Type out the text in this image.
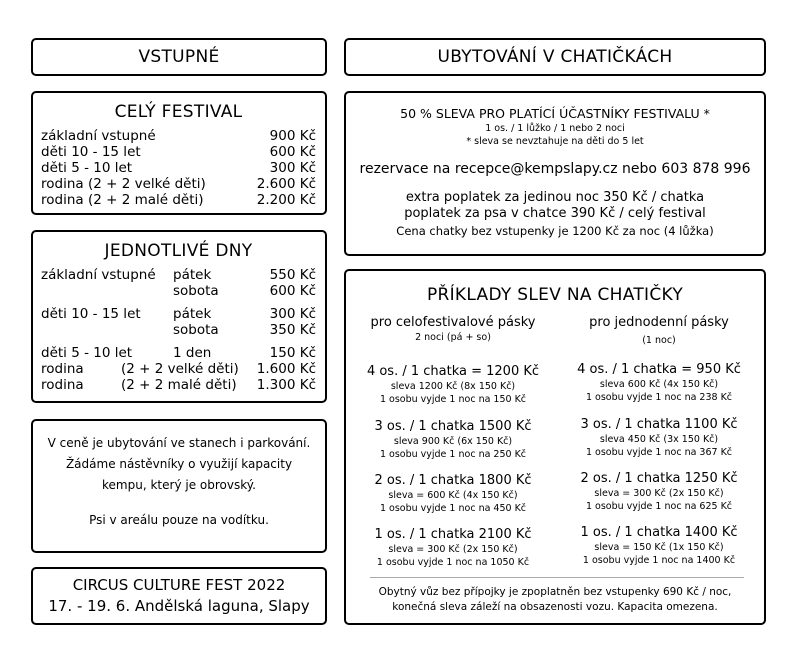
VSTUPNÉ	UBYTOVÁNÍ V CHATIČKÁCH
CELÝ FESTIVAL
základní vstupné	900 Kč
děti 10 - 15 let	600 Kč
děti 5 - 10 let	300 Kč
rodina (2 + 2 velké děti)	2.600 Kč
rodina (2 + 2 malé děti)	2.200 Kč
JEDNOTLIVÉ DNY
základní vstupné pátek	550 Kč
sobota	600 Kč
děti 10 - 15 let pátek	300 Kč
sobota	350 Kč
děti 5 - 10 let	1 den	150 Kč
rodina	(2 + 2 velké děti) 1.600 Kč
rodina	(2 + 2 malé děti) 1.300 Kč
V ceně je ubytování ve stanech i parkování.
Žádáme nástěvníky o využijí kapacity
kempu, který je obrovský.
Psi v areálu pouze na vodítku.
CIRCUS CULTURE FEST 2022
17. - 19. 6. Andělská laguna, Slapy
50 % SLEVA PRO PLATÍCÍ ÚČASTNÍKY FESTIVALU *
1 os. / 1 lůžko / 1 nebo 2 noci
* sleva se nevztahuje na děti do 5 let
rezervace na recepce@kempslapy.cz nebo 603 878 996
extra poplatek za jedinou noc 350 Kč / chatka
poplatek za psa v chatce 390 Kč / celý festival
Cena chatky bez vstupenky je 1200 Kč za noc (4 lůžka)
PŘÍKLADY SLEV NA CHATIČKY
pro celofestivalové pásky
2 noci (pá + so)
pro jednodenní pásky
(1 noc)
4 os. / 1 chatka = 1200 Kč
sleva 1200 Kč (8x 150 Kč)
1 osobu vyjde 1 noc na 150 Kč
3 os. / 1 chatka 1500 Kč
sleva 900 Kč (6x 150 Kč)
1 osobu vyjde 1 noc na 250 Kč
2 os. / 1 chatka 1800 Kč
sleva = 600 Kč (4x 150 Kč)
1 osobu vyjde 1 noc na 450 Kč
1 os. / 1 chatka 2100 Kč
sleva = 300 Kč (2x 150 Kč)
1 osobu vyjde 1 noc na 1050 Kč
4 os. / 1 chatka = 950 Kč
sleva 600 Kč (4x 150 Kč)
1 osobu vyjde 1 noc na 238 Kč
3 os. / 1 chatka 1100 Kč
sleva 450 Kč (3x 150 Kč)
1 osobu vyjde 1 noc na 367 Kč
2 os. / 1 chatka 1250 Kč
sleva = 300 Kč (2x 150 Kč)
1 osobu vyjde 1 noc na 625 Kč
1 os. / 1 chatka 1400 Kč
sleva = 150 Kč (1x 150 Kč)
1 osobu vyjde 1 noc na 1400 Kč
Obytný vůz bez přípojky je zpoplatněn bez vstupenky 690 Kč / noc,
konečná sleva záleží na obsazenosti vozu. Kapacita omezena.
